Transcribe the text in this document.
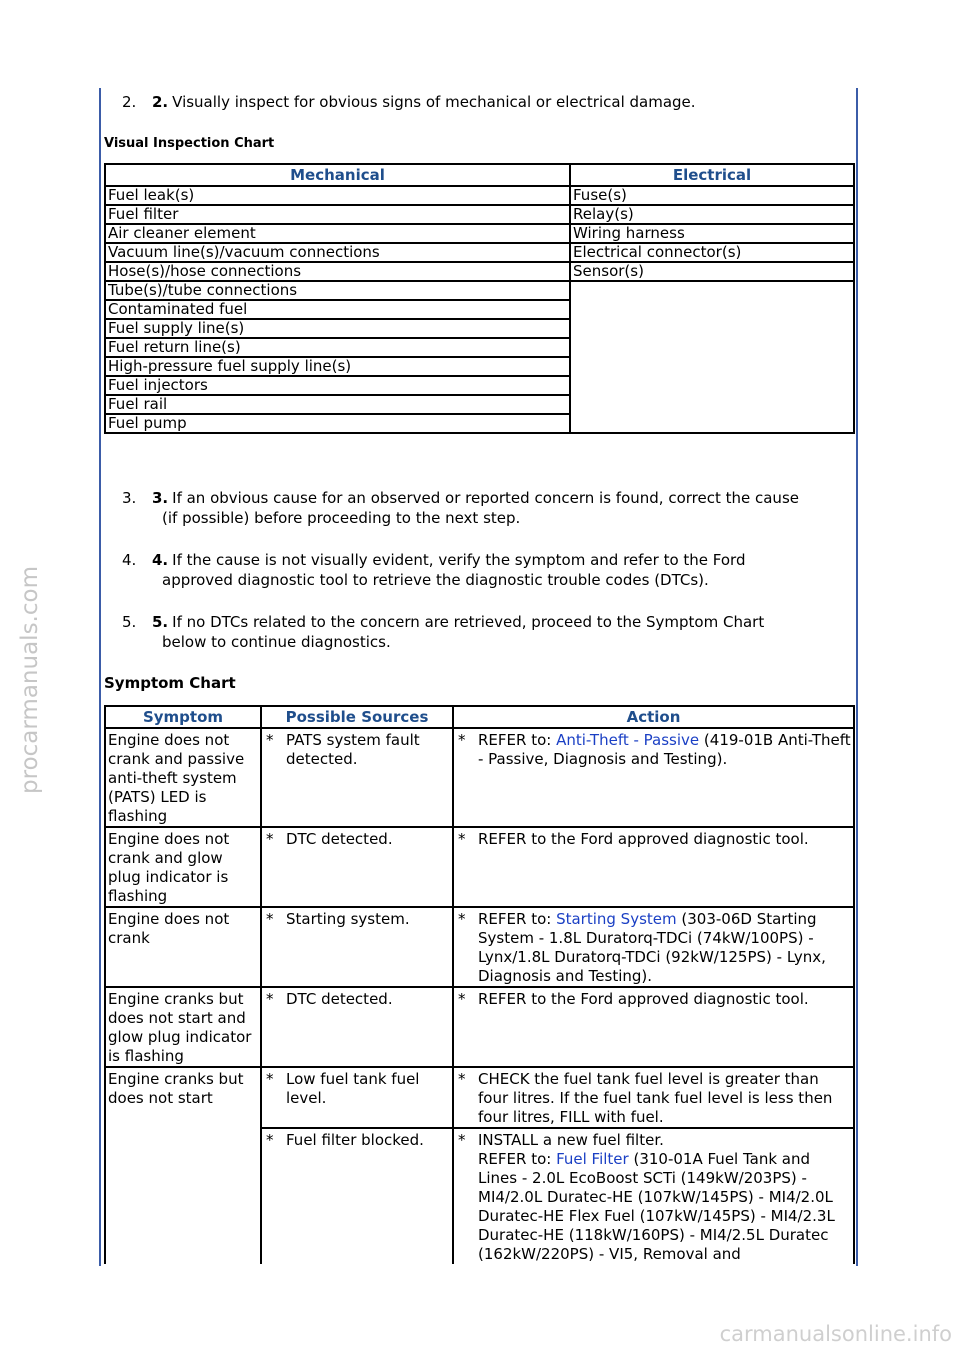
2. 2. Visually inspect for obvious signs of mechanical or electrical damage.
Visual Inspection Chart
Mechanical	Electrical
Fuel leak(s)	Fuse(s)
Fuel filter	Relay(s)
Air cleaner element	Wiring harness
Vacuum line(s)/vacuum connections	Electrical connector(s)
Hose(s)/hose connections	Sensor(s)
Tube(s)/tube connections	
Contaminated fuel	
Fuel supply line(s)	
Fuel return line(s)	
High-pressure fuel supply line(s)	
Fuel injectors	
Fuel rail	
Fuel pump	
3. 3. If an obvious cause for an observed or reported concern is found, correct the cause
(if possible) before proceeding to the next step.
4. 4. If the cause is not visually evident, verify the symptom and refer to the Ford
approved diagnostic tool to retrieve the diagnostic trouble codes (DTCs).
5. 5. If no DTCs related to the concern are retrieved, proceed to the Symptom Chart
below to continue diagnostics.
Symptom Chart
Symptom	Possible Sources	Action
Engine does not crank and passive anti-theft system (PATS) LED is flashing	* PATS system fault detected.	* REFER to: Anti-Theft - Passive (419-01B Anti-Theft - Passive, Diagnosis and Testing).

Engine does not crank and glow plug indicator is flashing	* DTC detected.	* REFER to the Ford approved diagnostic tool.

Engine does not crank	* Starting system.	* REFER to: Starting System (303-06D Starting System - 1.8L Duratorq-TDCi (74kW/100PS) - Lynx/1.8L Duratorq-TDCi (92kW/125PS) - Lynx, Diagnosis and Testing).

Engine cranks but does not start and glow plug indicator is flashing	* DTC detected.	* REFER to the Ford approved diagnostic tool.

Engine cranks but does not start	* Low fuel tank fuel level.	* CHECK the fuel tank fuel level is greater than four litres. If the fuel tank fuel level is less then four litres, FILL with fuel.

	* Fuel filter blocked.	* INSTALL a new fuel filter.
REFER to: Fuel Filter (310-01A Fuel Tank and Lines - 2.0L EcoBoost SCTi (149kW/203PS) - MI4/2.0L Duratec-HE (107kW/145PS) - MI4/2.0L Duratec-HE Flex Fuel (107kW/145PS) - MI4/2.3L Duratec-HE (118kW/160PS) - MI4/2.5L Duratec (162kW/220PS) - VI5, Removal and
procarmanuals.com
carmanualsonline.info
